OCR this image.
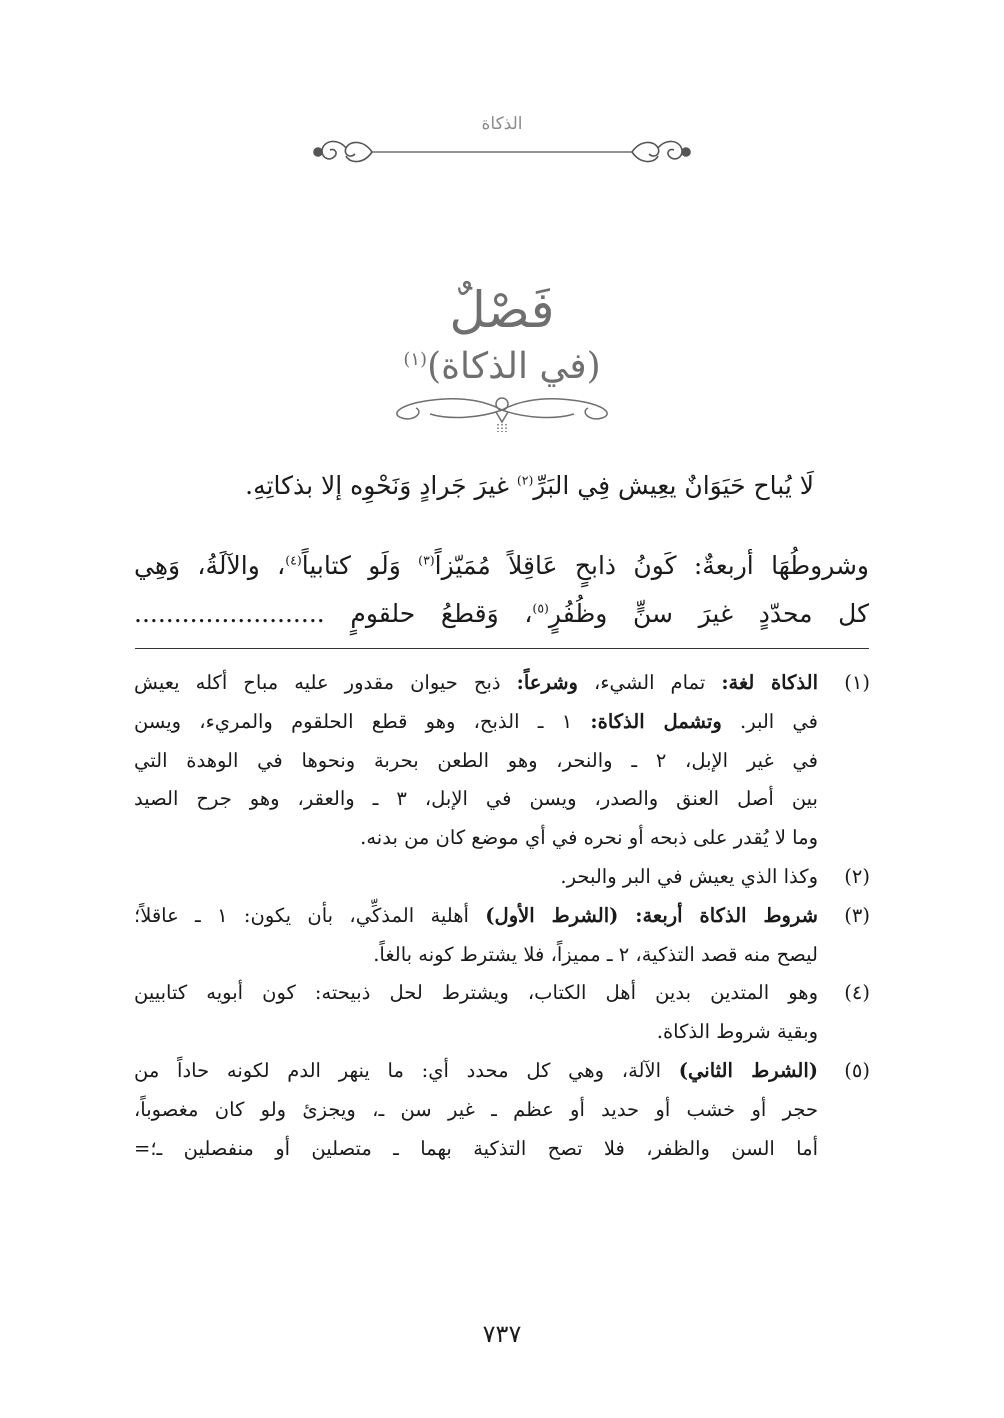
الذكاة
فَصْلٌ
(في الذكاة)$^{(١)}$
لَا يُباح حَيَوَانٌ يعِيش فِي البَرِّ$^{(٢)}$ غيرَ جَرادٍ وَنَحْوِه إلا بذكاتِهِ.
وشروطُهَا أربعةٌ: كَونُ ذابحٍ عَاقِلاً مُمَيّزاً$^{(٣)}$ وَلَو كتابياً$^{(٤)}$، والآلَةُ، وَهِي
كل محدّدٍ غيرَ سنٍّ وظُفُرٍ$^{(٥)}$، وَقطعُ حلقومٍ ........................
(١)
الذكاة لغة: تمام الشيء، وشرعاً: ذبح حيوان مقدور عليه مباح أكله يعيش
في البر. وتشمل الذكاة: ١ ـ الذبح، وهو قطع الحلقوم والمريء، ويسن
في غير الإبل، ٢ ـ والنحر، وهو الطعن بحربة ونحوها في الوهدة التي
بين أصل العنق والصدر، ويسن في الإبل، ٣ ـ والعقر، وهو جرح الصيد
وما لا يُقدر على ذبحه أو نحره في أي موضع كان من بدنه.
(٢)
وكذا الذي يعيش في البر والبحر.
(٣)
شروط الذكاة أربعة: (الشرط الأول) أهلية المذكِّي، بأن يكون: ١ ـ عاقلاً؛
ليصح منه قصد التذكية، ٢ ـ مميزاً، فلا يشترط كونه بالغاً.
(٤)
وهو المتدين بدين أهل الكتاب، ويشترط لحل ذبيحته: كون أبويه كتابيين
وبقية شروط الذكاة.
(٥)
(الشرط الثاني) الآلة، وهي كل محدد أي: ما ينهر الدم لكونه حاداً من
حجر أو خشب أو حديد أو عظم ـ غير سن ـ، ويجزئ ولو كان مغصوباً،
أما السن والظفر، فلا تصح التذكية بهما ـ متصلين أو منفصلين ـ؛=
٧٣٧
